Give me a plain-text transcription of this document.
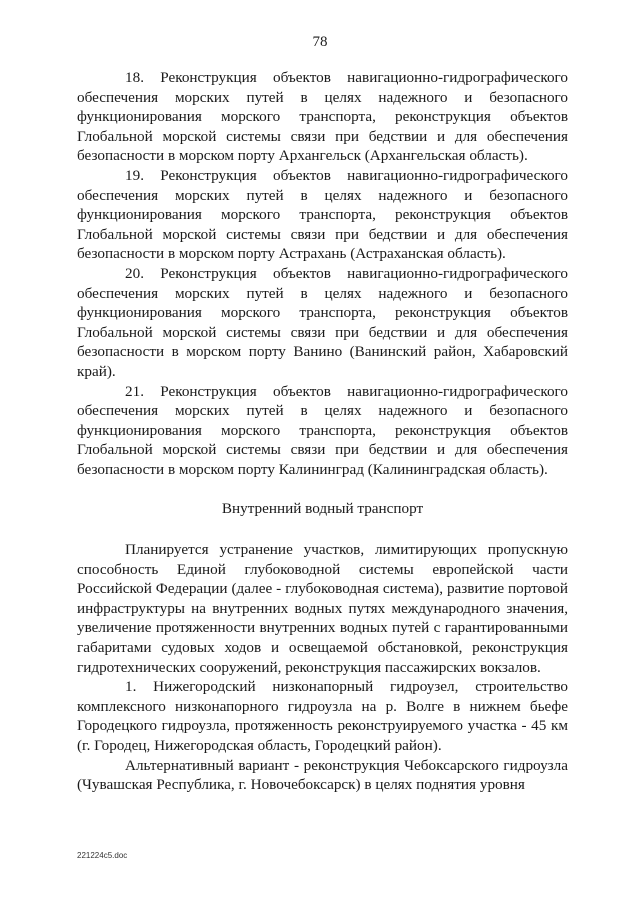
78

18. Реконструкция объектов навигационно-гидрографического обеспечения морских путей в целях надежного и безопасного функционирования морского транспорта, реконструкция объектов Глобальной морской системы связи при бедствии и для обеспечения безопасности в морском порту Архангельск (Архангельская область).

19. Реконструкция объектов навигационно-гидрографического обеспечения морских путей в целях надежного и безопасного функционирования морского транспорта, реконструкция объектов Глобальной морской системы связи при бедствии и для обеспечения безопасности в морском порту Астрахань (Астраханская область).

20. Реконструкция объектов навигационно-гидрографического обеспечения морских путей в целях надежного и безопасного функционирования морского транспорта, реконструкция объектов Глобальной морской системы связи при бедствии и для обеспечения безопасности в морском порту Ванино (Ванинский район, Хабаровский край).

21. Реконструкция объектов навигационно-гидрографического обеспечения морских путей в целях надежного и безопасного функционирования морского транспорта, реконструкция объектов Глобальной морской системы связи при бедствии и для обеспечения безопасности в морском порту Калининград (Калининградская область).

Внутренний водный транспорт

Планируется устранение участков, лимитирующих пропускную способность Единой глубоководной системы европейской части Российской Федерации (далее - глубоководная система), развитие портовой инфраструктуры на внутренних водных путях международного значения, увеличение протяженности внутренних водных путей с гарантированными габаритами судовых ходов и освещаемой обстановкой, реконструкция гидротехнических сооружений, реконструкция пассажирских вокзалов.

1. Нижегородский низконапорный гидроузел, строительство комплексного низконапорного гидроузла на р. Волге в нижнем бьефе Городецкого гидроузла, протяженность реконструируемого участка - 45 км (г. Городец, Нижегородская область, Городецкий район).

Альтернативный вариант - реконструкция Чебоксарского гидроузла (Чувашская Республика, г. Новочебоксарск) в целях поднятия уровня

221224c5.doc
